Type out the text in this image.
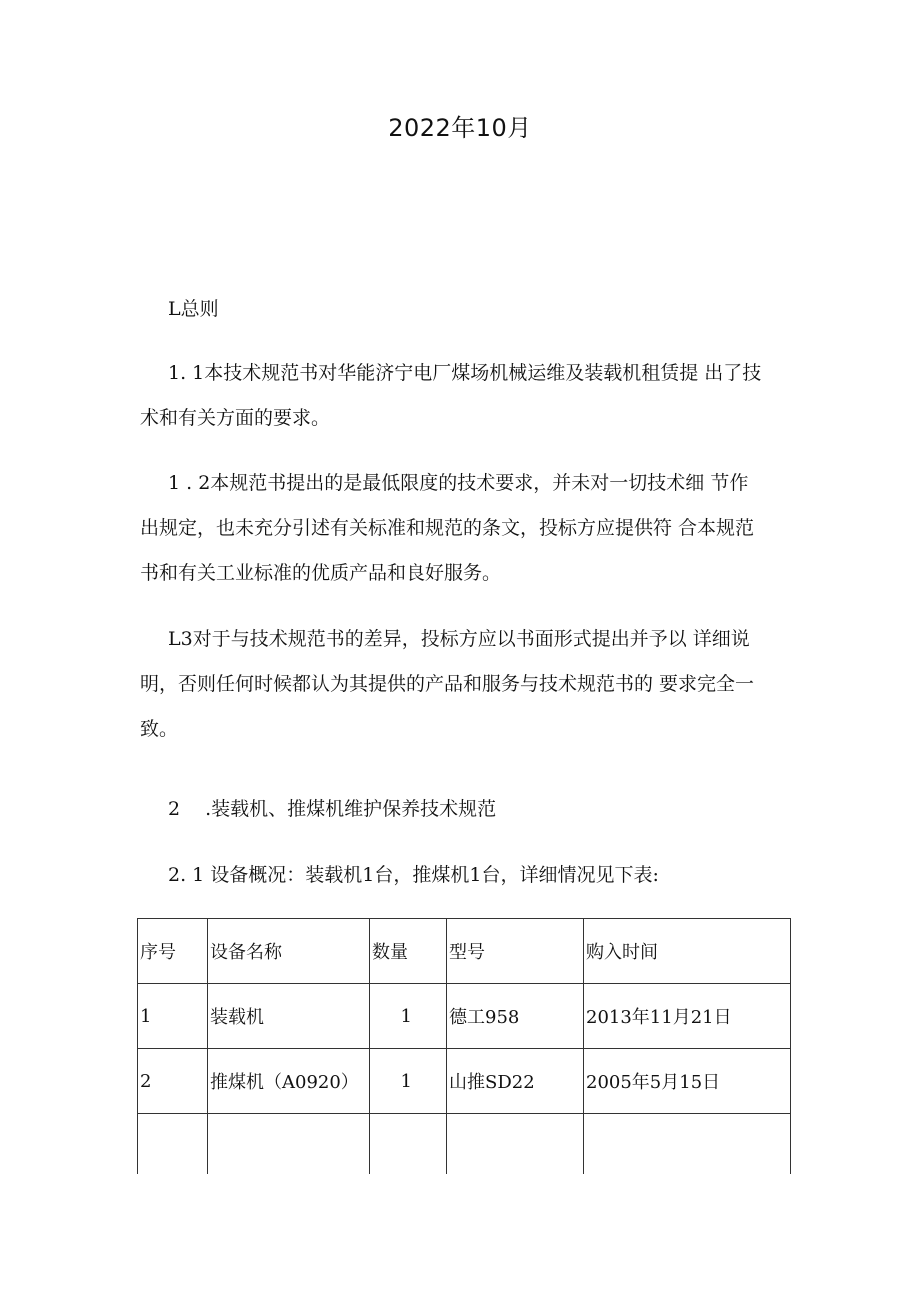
2022年10月
L总则
1. 1本技术规范书对华能济宁电厂煤场机械运维及装载机租赁提 出了技
术和有关方面的要求。
1 . 2本规范书提出的是最低限度的技术要求，并未对一切技术细 节作
出规定，也未充分引述有关标准和规范的条文，投标方应提供符 合本规范
书和有关工业标准的优质产品和良好服务。
L3对于与技术规范书的差异，投标方应以书面形式提出并予以 详细说
明，否则任何时候都认为其提供的产品和服务与技术规范书的 要求完全一
致。
2 　.装载机、推煤机维护保养技术规范
2. 1 设备概况：装载机1台，推煤机1台，详细情况见下表:
序号	设备名称	数量	型号	购入时间
1	装载机	1	德工958	2013年11月21日
2	推煤机（A0920）	1	山推SD22	2005年5月15日
